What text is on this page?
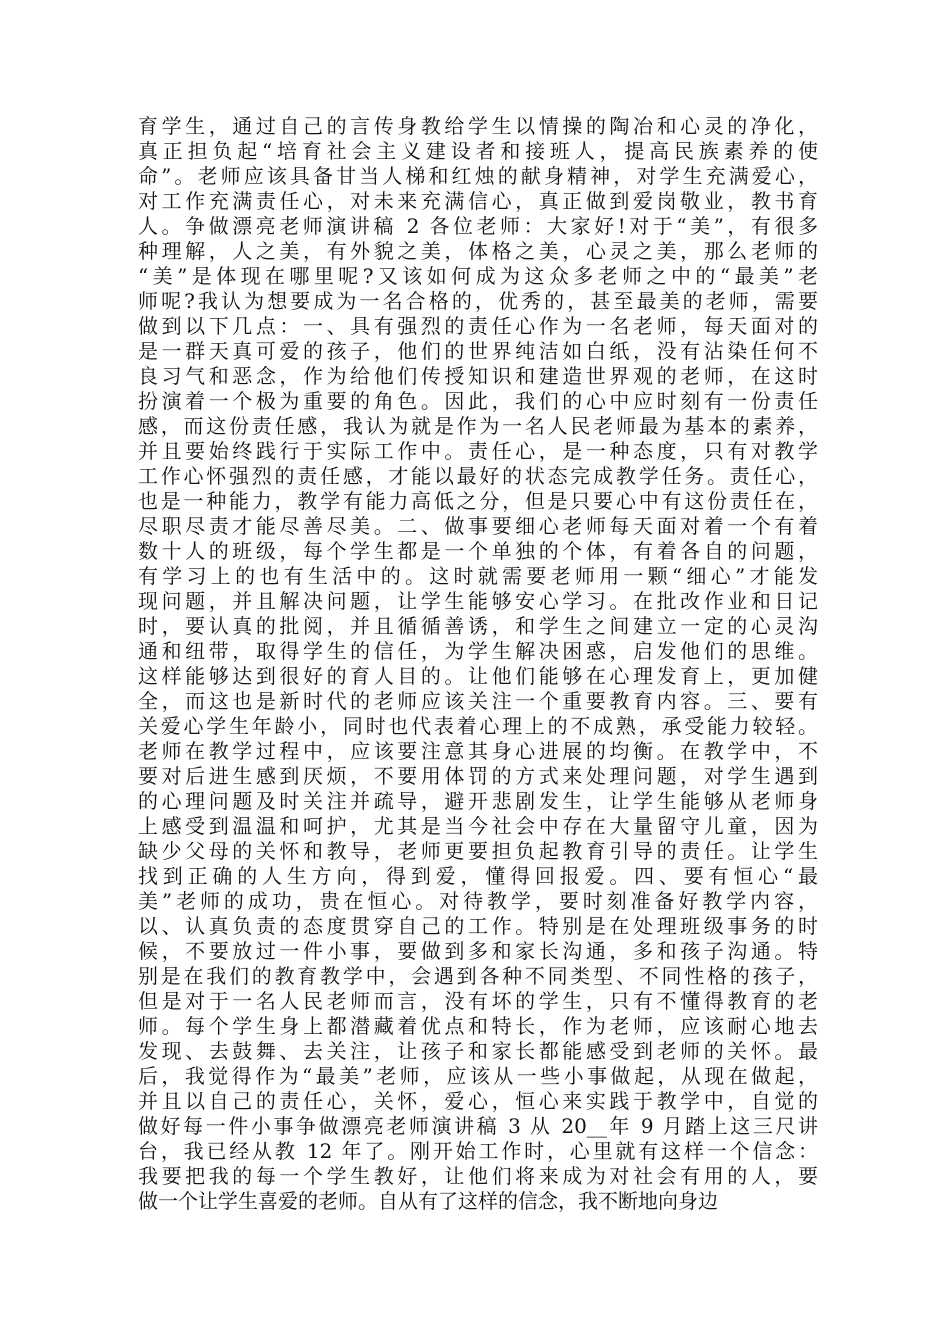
育学生，通过自己的言传身教给学生以情操的陶冶和心灵的净化，
真正担负起“培育社会主义建设者和接班人，提高民族素养的使
命”。老师应该具备甘当人梯和红烛的献身精神，对学生充满爱心，
对工作充满责任心，对未来充满信心，真正做到爱岗敬业，教书育
人。争做漂亮老师演讲稿 2 各位老师：大家好!对于“美”，有很多
种理解，人之美，有外貌之美，体格之美，心灵之美，那么老师的
“美”是体现在哪里呢?又该如何成为这众多老师之中的“最美”老
师呢?我认为想要成为一名合格的，优秀的，甚至最美的老师，需要
做到以下几点：一、具有强烈的责任心作为一名老师，每天面对的
是一群天真可爱的孩子，他们的世界纯洁如白纸，没有沾染任何不
良习气和恶念，作为给他们传授知识和建造世界观的老师，在这时
扮演着一个极为重要的角色。因此，我们的心中应时刻有一份责任
感，而这份责任感，我认为就是作为一名人民老师最为基本的素养，
并且要始终践行于实际工作中。责任心，是一种态度，只有对教学
工作心怀强烈的责任感，才能以最好的状态完成教学任务。责任心，
也是一种能力，教学有能力高低之分，但是只要心中有这份责任在，
尽职尽责才能尽善尽美。二、做事要细心老师每天面对着一个有着
数十人的班级，每个学生都是一个单独的个体，有着各自的问题，
有学习上的也有生活中的。这时就需要老师用一颗“细心”才能发
现问题，并且解决问题，让学生能够安心学习。在批改作业和日记
时，要认真的批阅，并且循循善诱，和学生之间建立一定的心灵沟
通和纽带，取得学生的信任，为学生解决困惑，启发他们的思维。
这样能够达到很好的育人目的。让他们能够在心理发育上，更加健
全，而这也是新时代的老师应该关注一个重要教育内容。三、要有
关爱心学生年龄小，同时也代表着心理上的不成熟，承受能力较轻。
老师在教学过程中，应该要注意其身心进展的均衡。在教学中，不
要对后进生感到厌烦，不要用体罚的方式来处理问题，对学生遇到
的心理问题及时关注并疏导，避开悲剧发生，让学生能够从老师身
上感受到温温和呵护，尤其是当今社会中存在大量留守儿童，因为
缺少父母的关怀和教导，老师更要担负起教育引导的责任。让学生
找到正确的人生方向，得到爱，懂得回报爱。四、要有恒心“最
美”老师的成功，贵在恒心。对待教学，要时刻准备好教学内容，
以、认真负责的态度贯穿自己的工作。特别是在处理班级事务的时
候，不要放过一件小事，要做到多和家长沟通，多和孩子沟通。特
别是在我们的教育教学中，会遇到各种不同类型、不同性格的孩子，
但是对于一名人民老师而言，没有坏的学生，只有不懂得教育的老
师。每个学生身上都潜藏着优点和特长，作为老师，应该耐心地去
发现、去鼓舞、去关注，让孩子和家长都能感受到老师的关怀。最
后，我觉得作为“最美”老师，应该从一些小事做起，从现在做起，
并且以自己的责任心，关怀，爱心，恒心来实践于教学中，自觉的
做好每一件小事争做漂亮老师演讲稿 3 从 20__年 9 月踏上这三尺讲
台，我已经从教 12 年了。刚开始工作时，心里就有这样一个信念：
我要把我的每一个学生教好，让他们将来成为对社会有用的人，要
做一个让学生喜爱的老师。自从有了这样的信念，我不断地向身边
